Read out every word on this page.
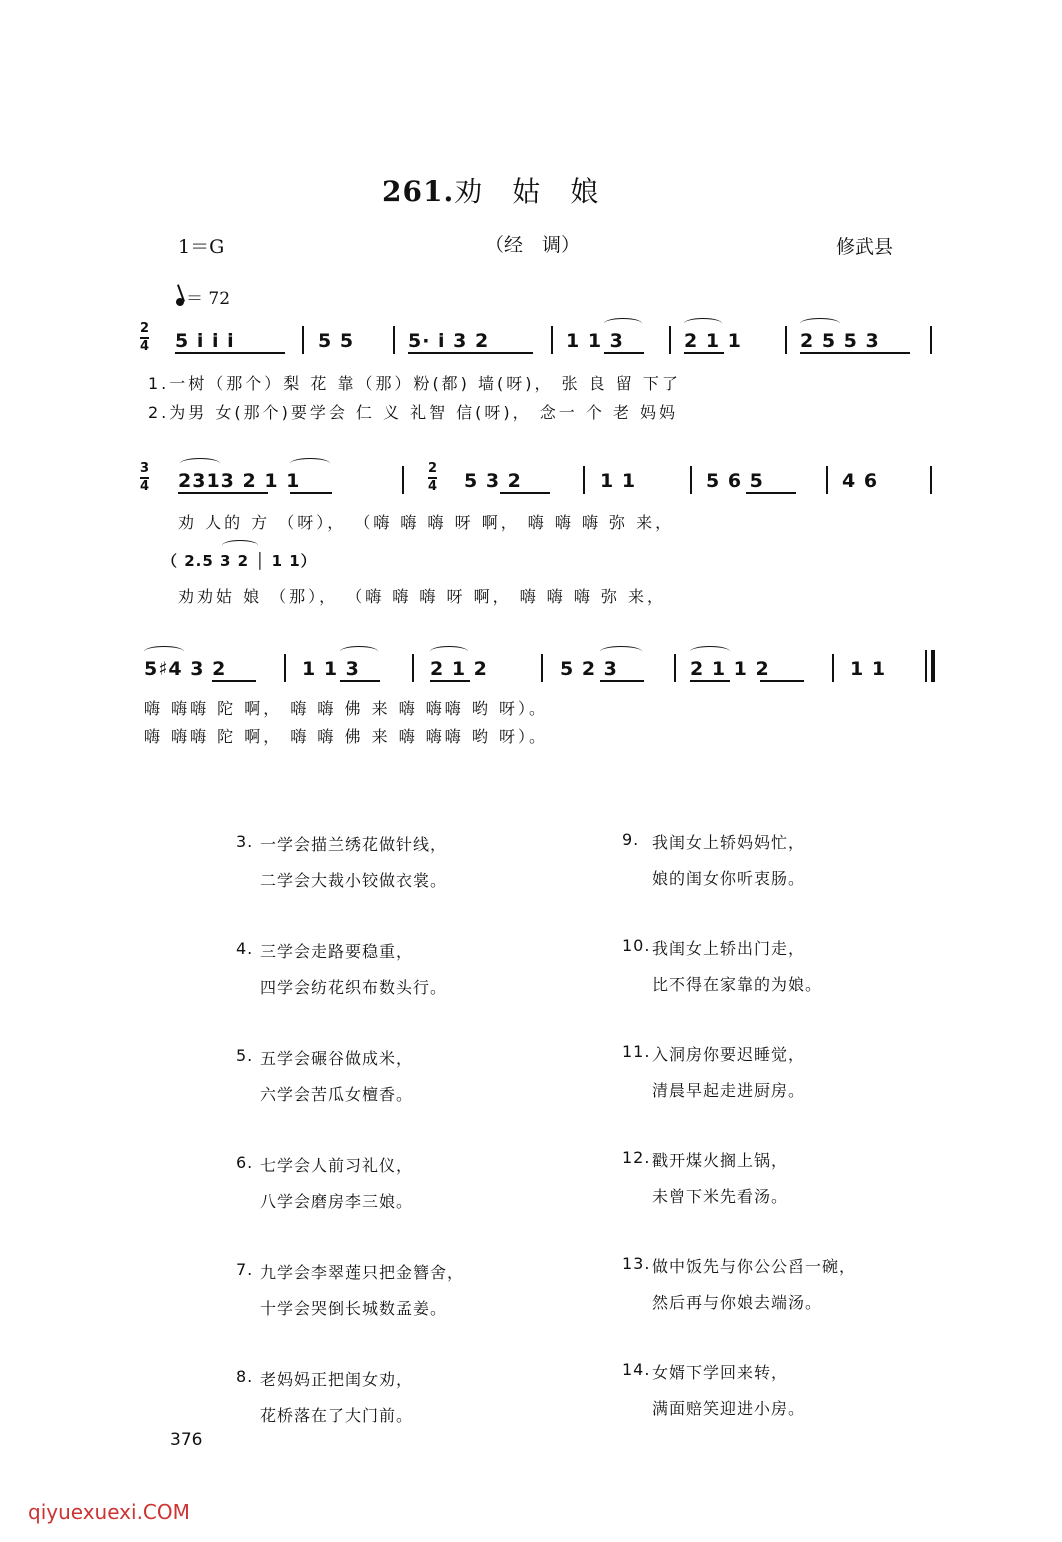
261.劝　姑　娘
1＝G	（经　调）	修武县
＝ 72
2
4 5 i i i	5 5	5· i 3 2	1 1 3	2 1 1	2 5 5 3
1.一树（那个）梨 花 靠（那）粉(都) 墙(呀)， 张 良 留 下了
2.为男 女(那个)要学会 仁 义 礼智 信(呀)， 念一 个 老 妈妈
3
4 2313 2 1 1
2
4 5 3 2	1 1	5 6 5	4 6
劝 人的 方 （呀）， （嗨 嗨 嗨 呀 啊， 嗨 嗨 嗨 弥 来，
（ 2.5 3 2 │ 1 1）
劝劝姑 娘 （那）， （嗨 嗨 嗨 呀 啊， 嗨 嗨 嗨 弥 来，
5♯4 3 2	1 1 3	2 1 2	5 2 3	2 1 1 2	1 1
嗨 嗨嗨 陀 啊， 嗨 嗨 佛 来 嗨 嗨嗨 哟 呀）。
嗨 嗨嗨 陀 啊， 嗨 嗨 佛 来 嗨 嗨嗨 哟 呀）。
3. 一学会描兰绣花做针线，
二学会大裁小铰做衣裳。
4. 三学会走路要稳重，
四学会纺花织布数头行。
5. 五学会碾谷做成米，
六学会苦瓜女檀香。
6. 七学会人前习礼仪，
八学会磨房李三娘。
7. 九学会李翠莲只把金簪舍，
十学会哭倒长城数孟姜。
8. 老妈妈正把闺女劝，
花桥落在了大门前。
9. 我闺女上轿妈妈忙，
娘的闺女你听衷肠。
10. 我闺女上轿出门走，
比不得在家靠的为娘。
11. 入洞房你要迟睡觉，
清晨早起走进厨房。
12. 戳开煤火搁上锅，
未曾下米先看汤。
13. 做中饭先与你公公舀一碗，
然后再与你娘去端汤。
14. 女婿下学回来转，
满面赔笑迎进小房。
376
qiyuexuexi.COM
